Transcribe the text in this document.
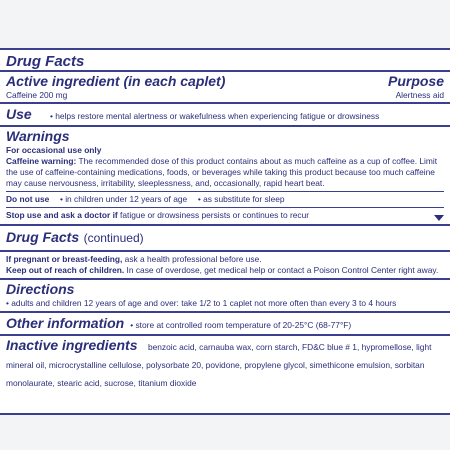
Drug Facts
Active ingredient (in each caplet)	Purpose
Caffeine 200 mg	Alertness aid
Use	• helps restore mental alertness or wakefulness when experiencing fatigue or drowsiness
Warnings
For occasional use only
Caffeine warning: The recommended dose of this product contains about as much caffeine as a cup of coffee. Limit the use of caffeine-containing medications, foods, or beverages while taking this product because too much caffeine may cause nervousness, irritability, sleeplessness, and, occasionally, rapid heart beat.
Do not use • in children under 12 years of age • as substitute for sleep
Stop use and ask a doctor if fatigue or drowsiness persists or continues to recur
Drug Facts (continued)
If pregnant or breast-feeding, ask a health professional before use.
Keep out of reach of children. In case of overdose, get medical help or contact a Poison Control Center right away.
Directions
• adults and children 12 years of age and over: take 1/2 to 1 caplet not more often than every 3 to 4 hours
Other information • store at controlled room temperature of 20-25°C (68-77°F)
Inactive ingredients benzoic acid, carnauba wax, corn starch, FD&C blue # 1, hypromellose, light mineral oil, microcrystalline cellulose, polysorbate 20, povidone, propylene glycol, simethicone emulsion, sorbitan monolaurate, stearic acid, sucrose, titanium dioxide
